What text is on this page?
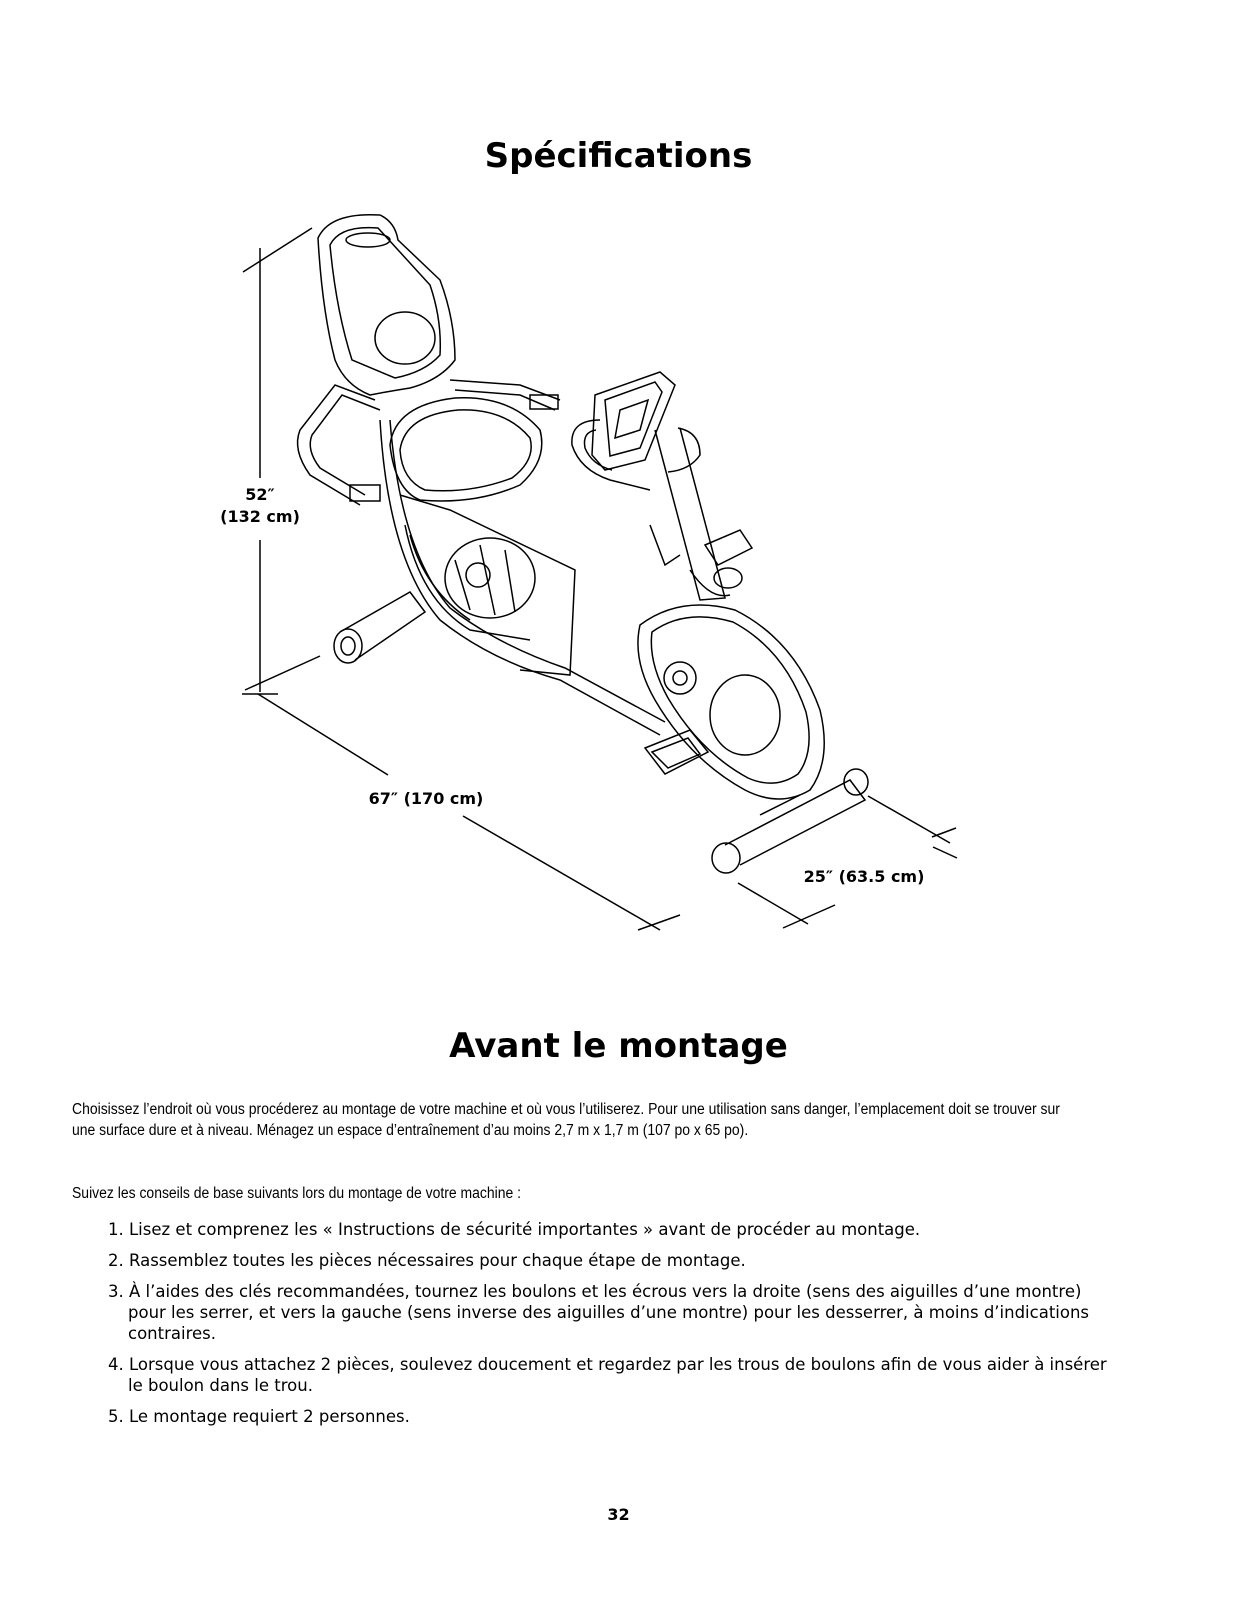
Spécifications
52″
(132 cm)
67″ (170 cm)
25″ (63.5 cm)
Avant le montage

Choisissez l’endroit où vous procéderez au montage de votre machine et où vous l’utiliserez. Pour une utilisation sans danger, l’emplacement doit se trouver sur une surface dure et à niveau. Ménagez un espace d’entraînement d’au moins 2,7 m x 1,7 m (107 po x 65 po).

Suivez les conseils de base suivants lors du montage de votre machine :

1. Lisez et comprenez les « Instructions de sécurité importantes » avant de procéder au montage.
2. Rassemblez toutes les pièces nécessaires pour chaque étape de montage.
3. À l’aides des clés recommandées, tournez les boulons et les écrous vers la droite (sens des aiguilles d’une montre) pour les serrer, et vers la gauche (sens inverse des aiguilles d’une montre) pour les desserrer, à moins d’indications contraires.
4. Lorsque vous attachez 2 pièces, soulevez doucement et regardez par les trous de boulons afin de vous aider à insérer le boulon dans le trou.
5. Le montage requiert 2 personnes.
32
